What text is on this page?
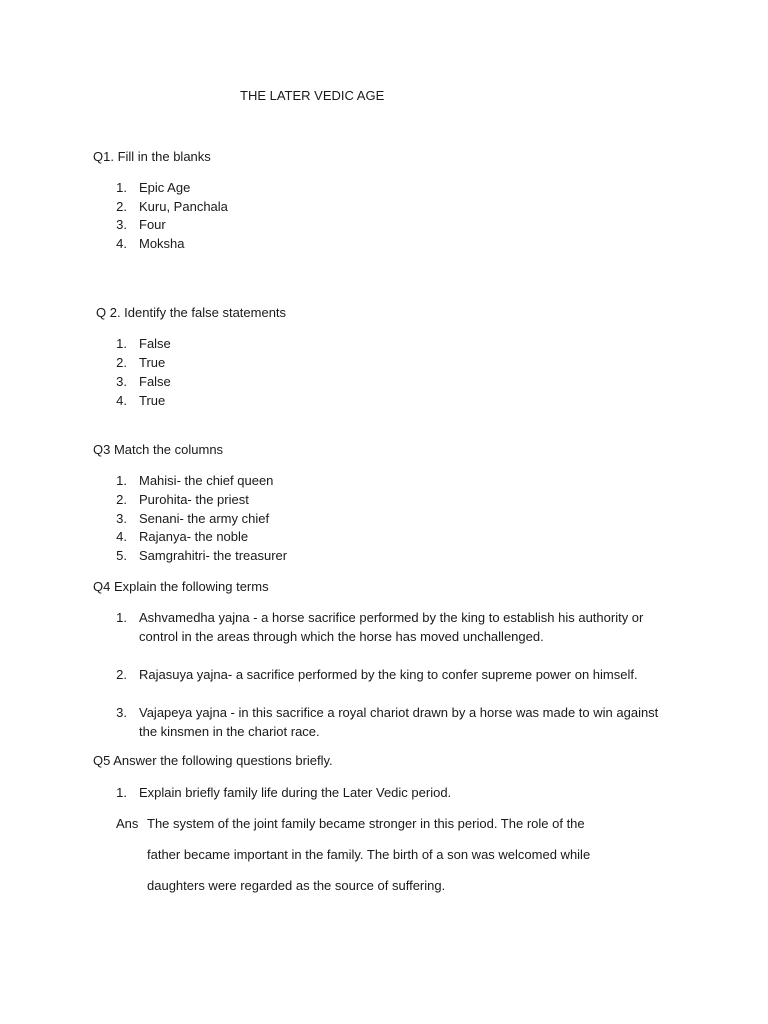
THE LATER VEDIC AGE
Q1. Fill in the blanks
1. Epic Age
2. Kuru, Panchala
3. Four
4. Moksha
Q 2. Identify the false statements
1. False
2. True
3. False
4. True
Q3 Match the columns
1. Mahisi- the chief queen
2. Purohita- the priest
3. Senani- the army chief
4. Rajanya- the noble
5. Samgrahitri- the treasurer
Q4 Explain the following terms
1. Ashvamedha yajna - a horse sacrifice performed by the king to establish his authority or control in the areas through which the horse has moved unchallenged.
2. Rajasuya yajna- a sacrifice performed by the king to confer supreme power on himself.
3. Vajapeya yajna - in this sacrifice a royal chariot drawn by a horse was made to win against the kinsmen in the chariot race.
Q5 Answer the following questions briefly.
1. Explain briefly family life during the Later Vedic period.
Ans The system of the joint family became stronger in this period. The role of the
father became important in the family. The birth of a son was welcomed while
daughters were regarded as the source of suffering.
